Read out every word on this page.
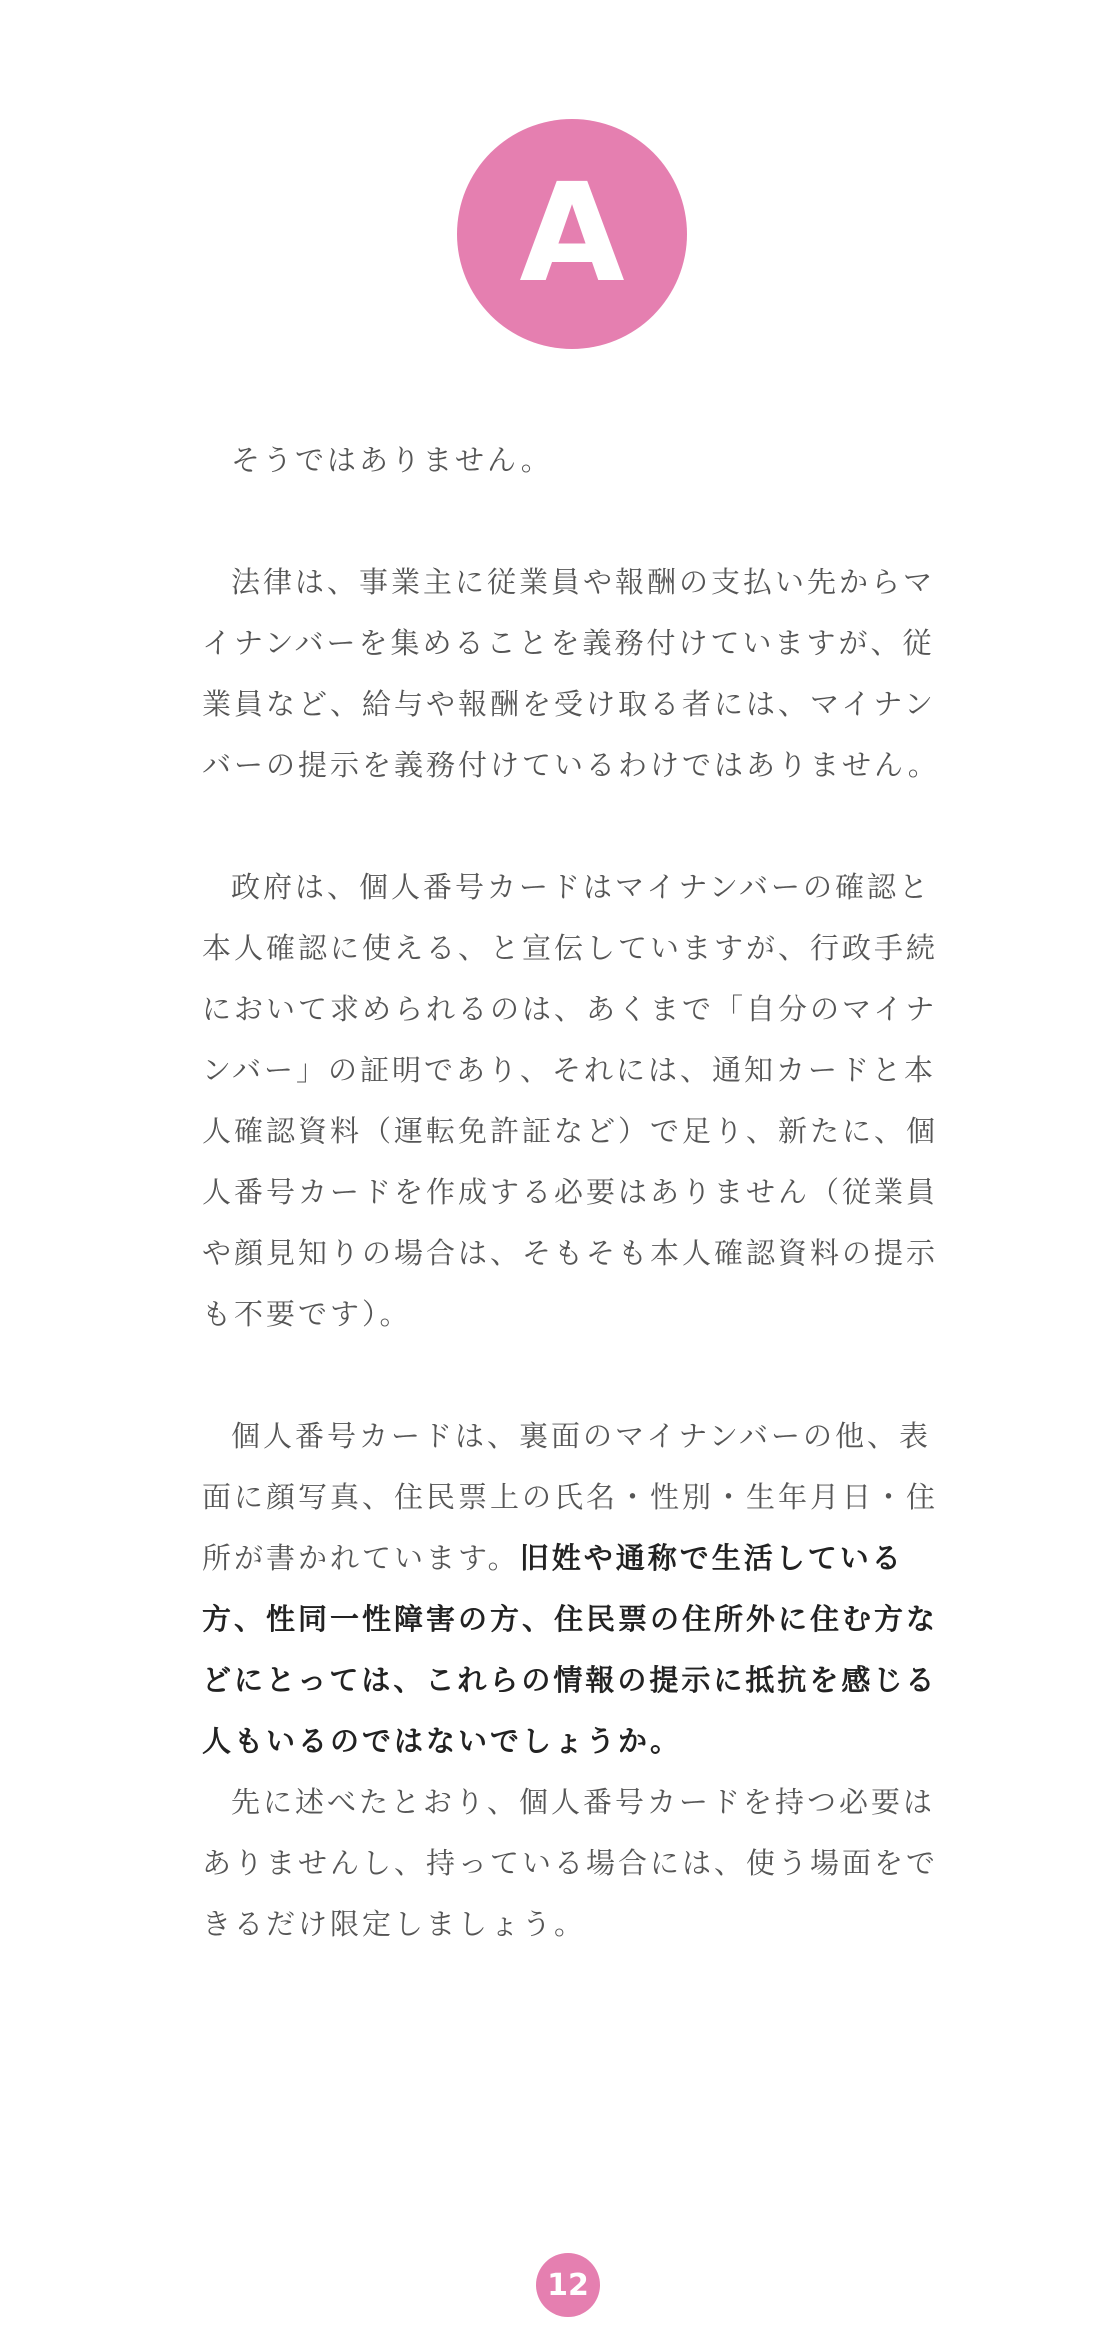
A

そうではありません。

法律は、事業主に従業員や報酬の支払い先からマイナンバーを集めることを義務付けていますが、従業員など、給与や報酬を受け取る者には、マイナンバーの提示を義務付けているわけではありません。

政府は、個人番号カードはマイナンバーの確認と本人確認に使える、と宣伝していますが、行政手続において求められるのは、あくまで「自分のマイナンバー」の証明であり、それには、通知カードと本人確認資料（運転免許証など）で足り、新たに、個人番号カードを作成する必要はありません（従業員や顔見知りの場合は、そもそも本人確認資料の提示も不要です）。

個人番号カードは、裏面のマイナンバーの他、表面に顔写真、住民票上の氏名・性別・生年月日・住所が書かれています。旧姓や通称で生活している方、性同一性障害の方、住民票の住所外に住む方などにとっては、これらの情報の提示に抵抗を感じる人もいるのではないでしょうか。

先に述べたとおり、個人番号カードを持つ必要はありませんし、持っている場合には、使う場面をできるだけ限定しましょう。

12
